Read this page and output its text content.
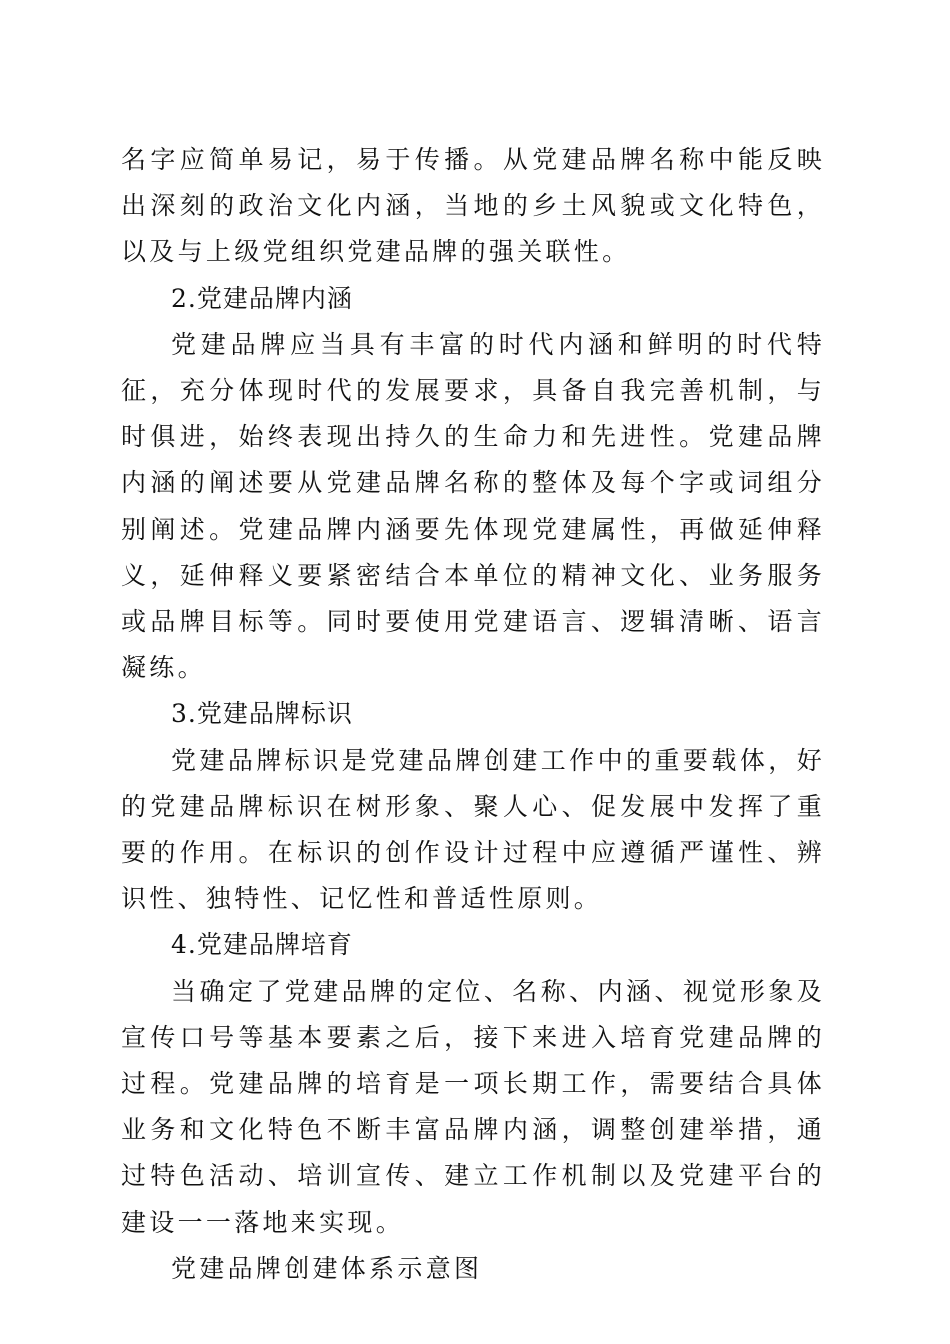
名字应简单易记，易于传播。从党建品牌名称中能反映出深刻的政治文化内涵，当地的乡土风貌或文化特色，以及与上级党组织党建品牌的强关联性。

2.党建品牌内涵

党建品牌应当具有丰富的时代内涵和鲜明的时代特征，充分体现时代的发展要求，具备自我完善机制，与时俱进，始终表现出持久的生命力和先进性。党建品牌内涵的阐述要从党建品牌名称的整体及每个字或词组分别阐述。党建品牌内涵要先体现党建属性，再做延伸释义，延伸释义要紧密结合本单位的精神文化、业务服务或品牌目标等。同时要使用党建语言、逻辑清晰、语言凝练。

3.党建品牌标识

党建品牌标识是党建品牌创建工作中的重要载体，好的党建品牌标识在树形象、聚人心、促发展中发挥了重要的作用。在标识的创作设计过程中应遵循严谨性、辨识性、独特性、记忆性和普适性原则。

4.党建品牌培育

当确定了党建品牌的定位、名称、内涵、视觉形象及宣传口号等基本要素之后，接下来进入培育党建品牌的过程。党建品牌的培育是一项长期工作，需要结合具体业务和文化特色不断丰富品牌内涵，调整创建举措，通过特色活动、培训宣传、建立工作机制以及党建平台的建设一一落地来实现。

党建品牌创建体系示意图
